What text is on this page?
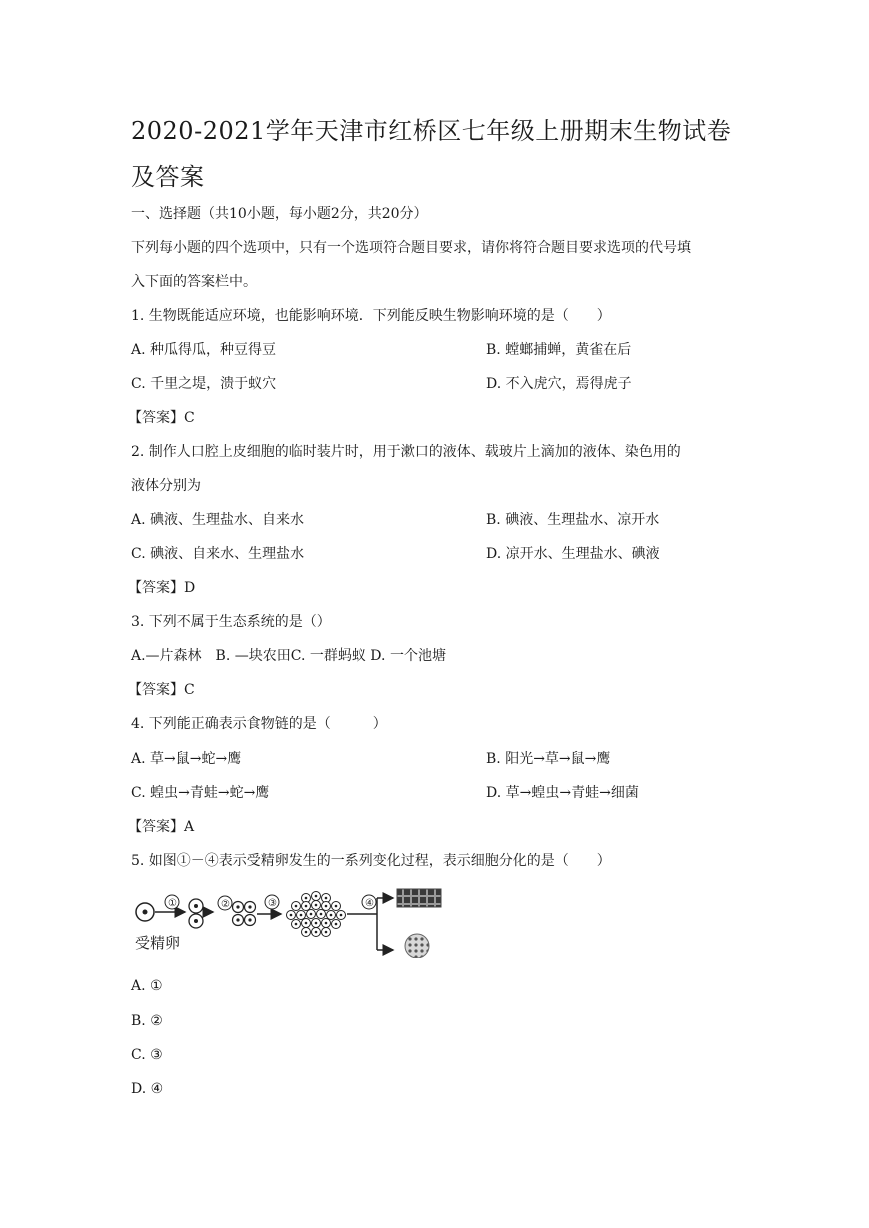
2020-2021学年天津市红桥区七年级上册期末生物试卷及答案
一、选择题（共10小题，每小题2分，共20分）
下列每小题的四个选项中，只有一个选项符合题目要求，请你将符合题目要求选项的代号填
入下面的答案栏中。
1. 生物既能适应环境，也能影响环境．下列能反映生物影响环境的是（　　）
A. 种瓜得瓜，种豆得豆	B. 螳螂捕蝉，黄雀在后
C. 千里之堤，溃于蚁穴	D. 不入虎穴，焉得虎子
【答案】C
2. 制作人口腔上皮细胞的临时装片时，用于漱口的液体、载玻片上滴加的液体、染色用的
液体分别为
A. 碘液、生理盐水、自来水	B. 碘液、生理盐水、凉开水
C. 碘液、自来水、生理盐水	D. 凉开水、生理盐水、碘液
【答案】D
3. 下列不属于生态系统的是（）
A.—片森林　B. —块农田C. 一群蚂蚁 D. 一个池塘
【答案】C
4. 下列能正确表示食物链的是（　　　）
A. 草→鼠→蛇→鹰	B. 阳光→草→鼠→鹰
C. 蝗虫→青蛙→蛇→鹰	D. 草→蝗虫→青蛙→细菌
【答案】A
5. 如图①－④表示受精卵发生的一系列变化过程，表示细胞分化的是（　　）
受精卵
①	②	③	④
A. ①
B. ②
C. ③
D. ④
